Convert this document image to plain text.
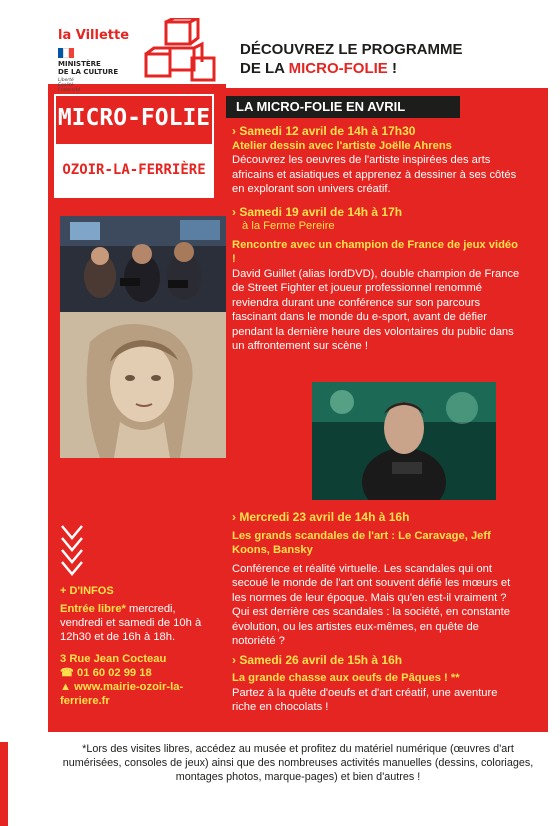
la Villette
MINISTÈRE
DE LA CULTURE
Liberté
Égalité
Fraternité
MICRO-FOLIE
OZOIR-LA-FERRIÈRE
DÉCOUVREZ LE PROGRAMME
DE LA MICRO-FOLIE !
LA MICRO-FOLIE EN AVRIL
› Samedi 12 avril de 14h à 17h30
Atelier dessin avec l'artiste Joëlle Ahrens
Découvrez les oeuvres de l'artiste inspirées des arts africains et asiatiques et apprenez à dessiner à ses côtés en explorant son univers créatif.
› Samedi 19 avril de 14h à 17h
à la Ferme Pereire
Rencontre avec un champion de France de jeux vidéo !
David Guillet (alias lordDVD), double champion de France de Street Fighter et joueur professionnel renommé reviendra durant une conférence sur son parcours fascinant dans le monde du e-sport, avant de défier pendant la dernière heure des volontaires du public dans un affrontement sur scène !
› Mercredi 23 avril de 14h à 16h
Les grands scandales de l'art : Le Caravage, Jeff Koons, Bansky
Conférence et réalité virtuelle. Les scandales qui ont secoué le monde de l'art ont souvent défié les mœurs et les normes de leur époque. Mais qu'en est-il vraiment ? Qui est derrière ces scandales : la société, en constante évolution, ou les artistes eux-mêmes, en quête de notoriété ?
› Samedi 26 avril de 15h à 16h
La grande chasse aux oeufs de Pâques ! **
Partez à la quête d'oeufs et d'art créatif, une aventure riche en chocolats !
+ D'INFOS
Entrée libre* mercredi, vendredi et samedi de 10h à 12h30 et de 16h à 18h.
3 Rue Jean Cocteau
☎ 01 60 02 99 18
▲ www.mairie-ozoir-la-ferriere.fr
*Lors des visites libres, accédez au musée et profitez du matériel numérique (œuvres d'art numérisées, consoles de jeux) ainsi que des nombreuses activités manuelles (dessins, coloriages, montages photos, marque-pages) et bien d'autres !
